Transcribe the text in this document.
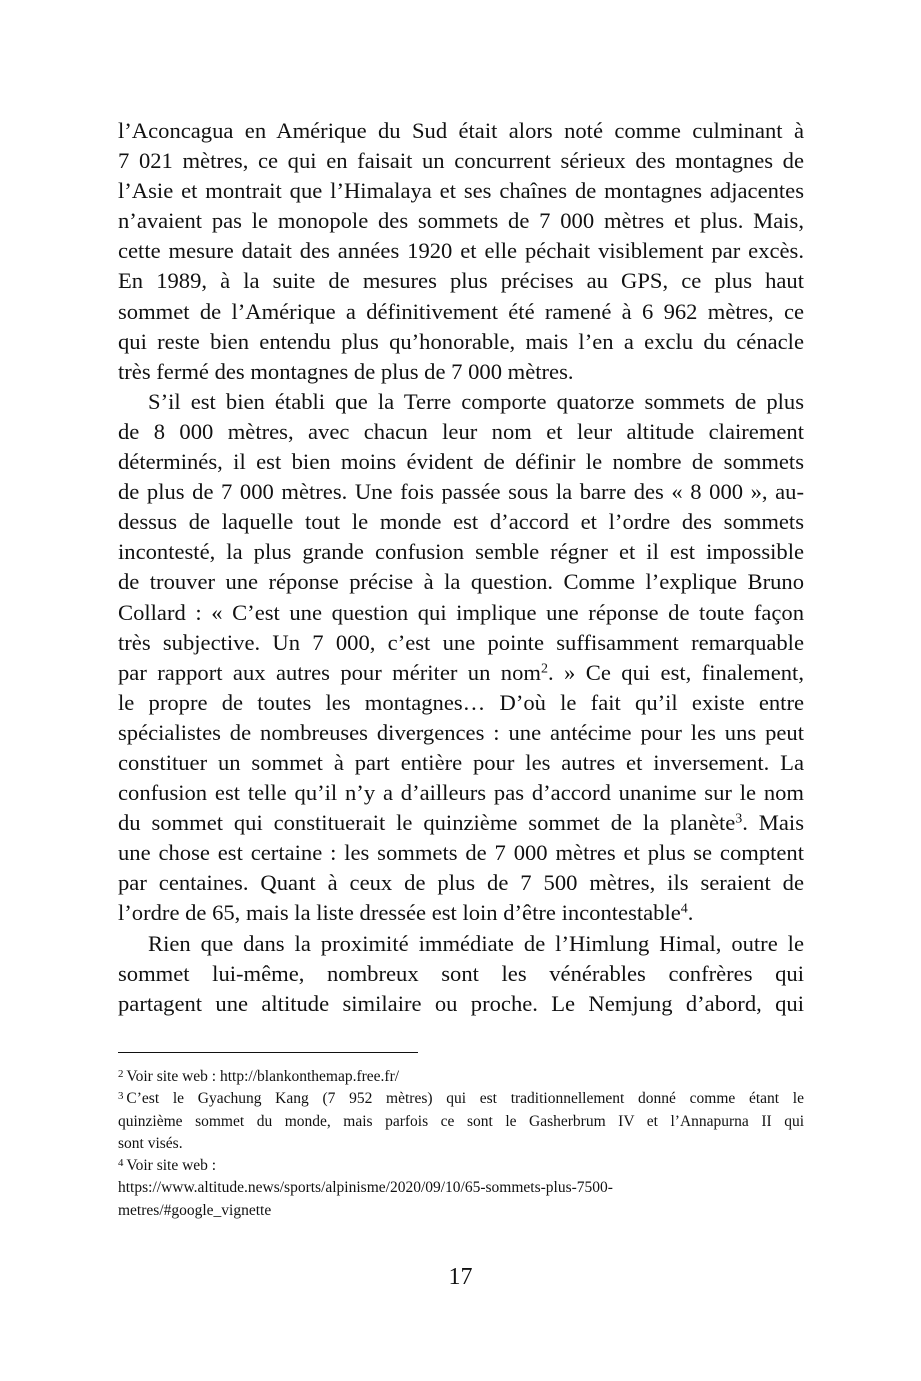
l’Aconcagua en Amérique du Sud était alors noté comme culminant à
7 021 mètres, ce qui en faisait un concurrent sérieux des montagnes de
l’Asie et montrait que l’Himalaya et ses chaînes de montagnes adjacentes
n’avaient pas le monopole des sommets de 7 000 mètres et plus. Mais,
cette mesure datait des années 1920 et elle péchait visiblement par excès.
En 1989, à la suite de mesures plus précises au GPS, ce plus haut
sommet de l’Amérique a définitivement été ramené à 6 962 mètres, ce
qui reste bien entendu plus qu’honorable, mais l’en a exclu du cénacle
très fermé des montagnes de plus de 7 000 mètres.
S’il est bien établi que la Terre comporte quatorze sommets de plus
de 8 000 mètres, avec chacun leur nom et leur altitude clairement
déterminés, il est bien moins évident de définir le nombre de sommets
de plus de 7 000 mètres. Une fois passée sous la barre des « 8 000 », au-
dessus de laquelle tout le monde est d’accord et l’ordre des sommets
incontesté, la plus grande confusion semble régner et il est impossible
de trouver une réponse précise à la question. Comme l’explique Bruno
Collard : « C’est une question qui implique une réponse de toute façon
très subjective. Un 7 000, c’est une pointe suffisamment remarquable
par rapport aux autres pour mériter un nom$^2$. » Ce qui est, finalement,
le propre de toutes les montagnes… D’où le fait qu’il existe entre
spécialistes de nombreuses divergences : une antécime pour les uns peut
constituer un sommet à part entière pour les autres et inversement. La
confusion est telle qu’il n’y a d’ailleurs pas d’accord unanime sur le nom
du sommet qui constituerait le quinzième sommet de la planète$^3$. Mais
une chose est certaine : les sommets de 7 000 mètres et plus se comptent
par centaines. Quant à ceux de plus de 7 500 mètres, ils seraient de
l’ordre de 65, mais la liste dressée est loin d’être incontestable$^4$.
Rien que dans la proximité immédiate de l’Himlung Himal, outre le
sommet lui-même, nombreux sont les vénérables confrères qui
partagent une altitude similaire ou proche. Le Nemjung d’abord, qui
$^2$ Voir site web : http://blankonthemap.free.fr/
$^3$ C’est le Gyachung Kang (7 952 mètres) qui est traditionnellement donné comme étant le
quinzième sommet du monde, mais parfois ce sont le Gasherbrum IV et l’Annapurna II qui
sont visés.
$^4$ Voir site web :
https://www.altitude.news/sports/alpinisme/2020/09/10/65-sommets-plus-7500-
metres/#google_vignette
17
